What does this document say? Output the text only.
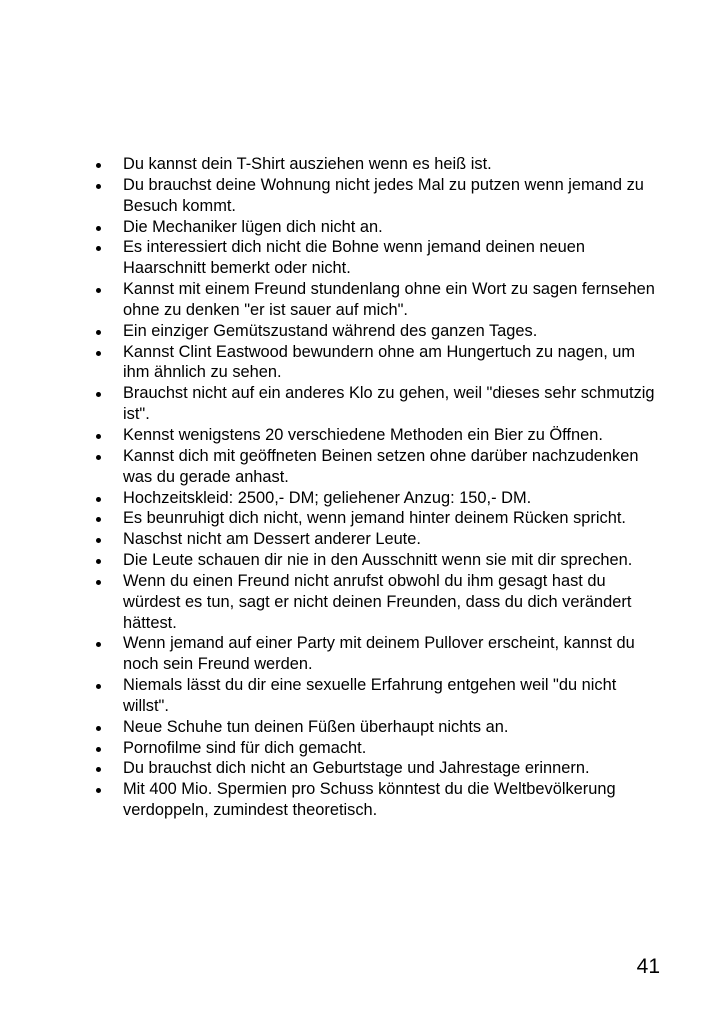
Du kannst dein T-Shirt ausziehen wenn es heiß ist.
Du brauchst deine Wohnung nicht jedes Mal zu putzen wenn jemand zu Besuch kommt.
Die Mechaniker lügen dich nicht an.
Es interessiert dich nicht die Bohne wenn jemand deinen neuen Haarschnitt bemerkt oder nicht.
Kannst mit einem Freund stundenlang ohne ein Wort zu sagen fernsehen ohne zu denken "er ist sauer auf mich".
Ein einziger Gemütszustand während des ganzen Tages.
Kannst Clint Eastwood bewundern ohne am Hungertuch zu nagen, um ihm ähnlich zu sehen.
Brauchst nicht auf ein anderes Klo zu gehen, weil "dieses sehr schmutzig ist".
Kennst wenigstens 20 verschiedene Methoden ein Bier zu Öffnen.
Kannst dich mit geöffneten Beinen setzen ohne darüber nachzudenken was du gerade anhast.
Hochzeitskleid: 2500,- DM; geliehener Anzug: 150,- DM.
Es beunruhigt dich nicht, wenn jemand hinter deinem Rücken spricht.
Naschst nicht am Dessert anderer Leute.
Die Leute schauen dir nie in den Ausschnitt wenn sie mit dir sprechen.
Wenn du einen Freund nicht anrufst obwohl du ihm gesagt hast du würdest es tun, sagt er nicht deinen Freunden, dass du dich verändert hättest.
Wenn jemand auf einer Party mit deinem Pullover erscheint, kannst du noch sein Freund werden.
Niemals lässt du dir eine sexuelle Erfahrung entgehen weil "du nicht willst".
Neue Schuhe tun deinen Füßen überhaupt nichts an.
Pornofilme sind für dich gemacht.
Du brauchst dich nicht an Geburtstage und Jahrestage erinnern.
Mit 400 Mio. Spermien pro Schuss könntest du die Weltbevölkerung verdoppeln, zumindest theoretisch.
41
